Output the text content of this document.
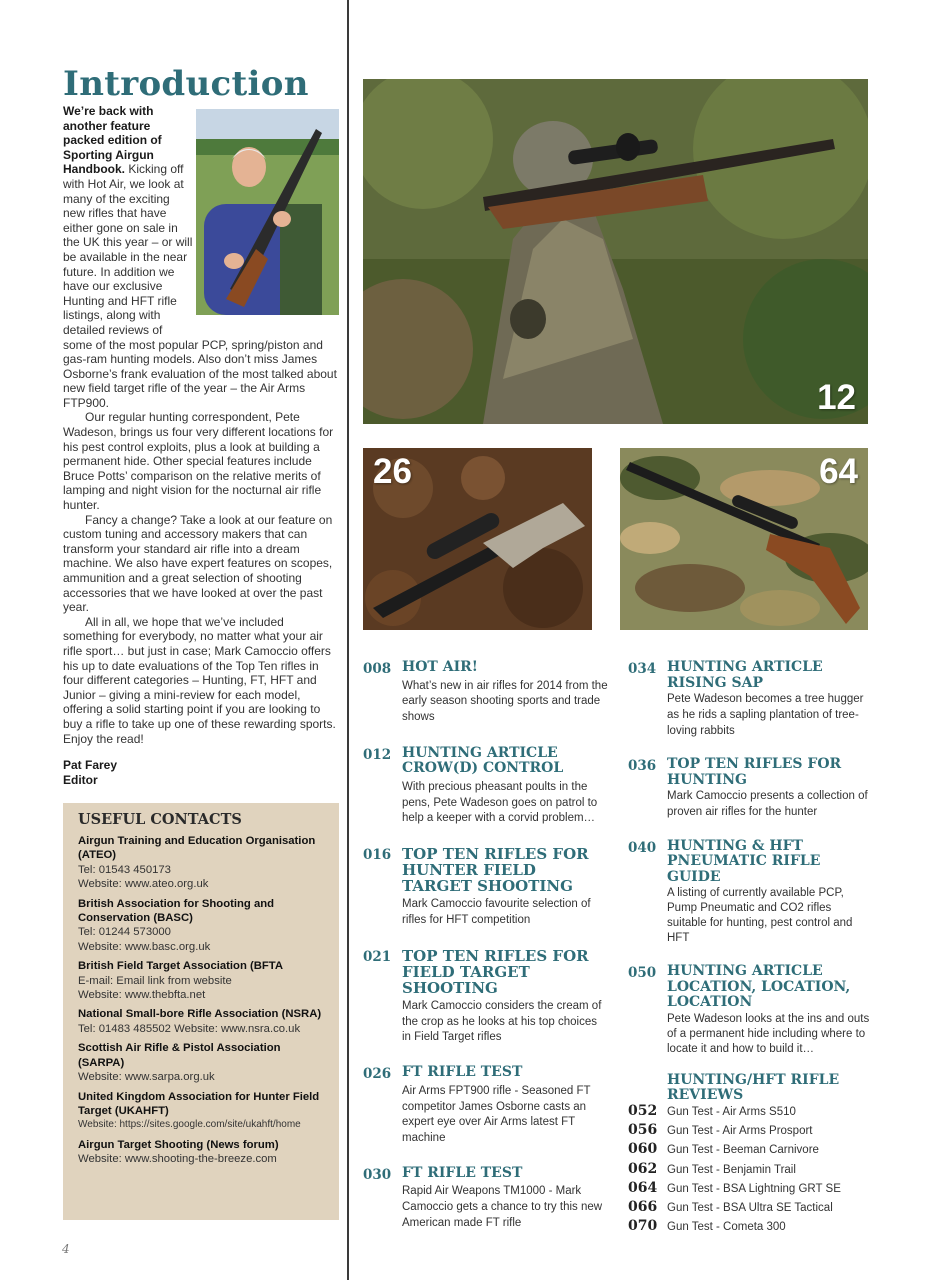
Introduction

We’re back with another feature packed edition of Sporting Airgun Handbook. Kicking off with Hot Air, we look at many of the exciting new rifles that have either gone on sale in the UK this year – or will be available in the near future. In addition we have our exclusive Hunting and HFT rifle listings, along with detailed reviews of some of the most popular PCP, spring/piston and gas-ram hunting models. Also don’t miss James Osborne’s frank evaluation of the most talked about new field target rifle of the year – the Air Arms FTP900.

Our regular hunting correspondent, Pete Wadeson, brings us four very different locations for his pest control exploits, plus a look at building a permanent hide. Other special features include Bruce Potts’ comparison on the relative merits of lamping and night vision for the nocturnal air rifle hunter.

Fancy a change? Take a look at our feature on custom tuning and accessory makers that can transform your standard air rifle into a dream machine. We also have expert features on scopes, ammunition and a great selection of shooting accessories that we have looked at over the past year.

All in all, we hope that we’ve included something for everybody, no matter what your air rifle sport… but just in case; Mark Camoccio offers his up to date evaluations of the Top Ten rifles in four different categories – Hunting, FT, HFT and Junior – giving a mini-review for each model, offering a solid starting point if you are looking to buy a rifle to take up one of these rewarding sports. Enjoy the read!

Pat Farey
Editor

USEFUL CONTACTS
Airgun Training and Education Organisation (ATEO)
Tel: 01543 450173
Website: www.ateo.org.uk
British Association for Shooting and Conservation (BASC)
Tel: 01244 573000
Website: www.basc.org.uk
British Field Target Association (BFTA
E-mail: Email link from website
Website: www.thebfta.net
National Small-bore Rifle Association (NSRA)
Tel: 01483 485502 Website: www.nsra.co.uk
Scottish Air Rifle & Pistol Association (SARPA)
Website: www.sarpa.org.uk
United Kingdom Association for Hunter Field Target (UKAHFT)
Website: https://sites.google.com/site/ukahft/home
Airgun Target Shooting (News forum)
Website: www.shooting-the-breeze.com
4
12
26	64
008 HOT AIR!
What’s new in air rifles for 2014 from the early season shooting sports and trade shows
012 HUNTING ARTICLE CROW(D) CONTROL
With precious pheasant poults in the pens, Pete Wadeson goes on patrol to help a keeper with a corvid problem…
016 TOP TEN RIFLES FOR HUNTER FIELD TARGET SHOOTING
Mark Camoccio favourite selection of rifles for HFT competition
021 TOP TEN RIFLES FOR FIELD TARGET SHOOTING
Mark Camoccio considers the cream of the crop as he looks at his top choices in Field Target rifles
026 FT RIFLE TEST
Air Arms FPT900 rifle - Seasoned FT competitor James Osborne casts an expert eye over Air Arms latest FT machine
030 FT RIFLE TEST
Rapid Air Weapons TM1000 - Mark Camoccio gets a chance to try this new American made FT rifle
034 HUNTING ARTICLE RISING SAP
Pete Wadeson becomes a tree hugger as he rids a sapling plantation of tree-loving rabbits
036 TOP TEN RIFLES FOR HUNTING
Mark Camoccio presents a collection of proven air rifles for the hunter
040 HUNTING & HFT PNEUMATIC RIFLE GUIDE
A listing of currently available PCP, Pump Pneumatic and CO2 rifles suitable for hunting, pest control and HFT
050 HUNTING ARTICLE LOCATION, LOCATION, LOCATION
Pete Wadeson looks at the ins and outs of a permanent hide including where to locate it and how to build it…
HUNTING/HFT RIFLE REVIEWS
052 Gun Test - Air Arms S510
056 Gun Test - Air Arms Prosport
060 Gun Test - Beeman Carnivore
062 Gun Test - Benjamin Trail
064 Gun Test - BSA Lightning GRT SE
066 Gun Test - BSA Ultra SE Tactical
070 Gun Test - Cometa 300
